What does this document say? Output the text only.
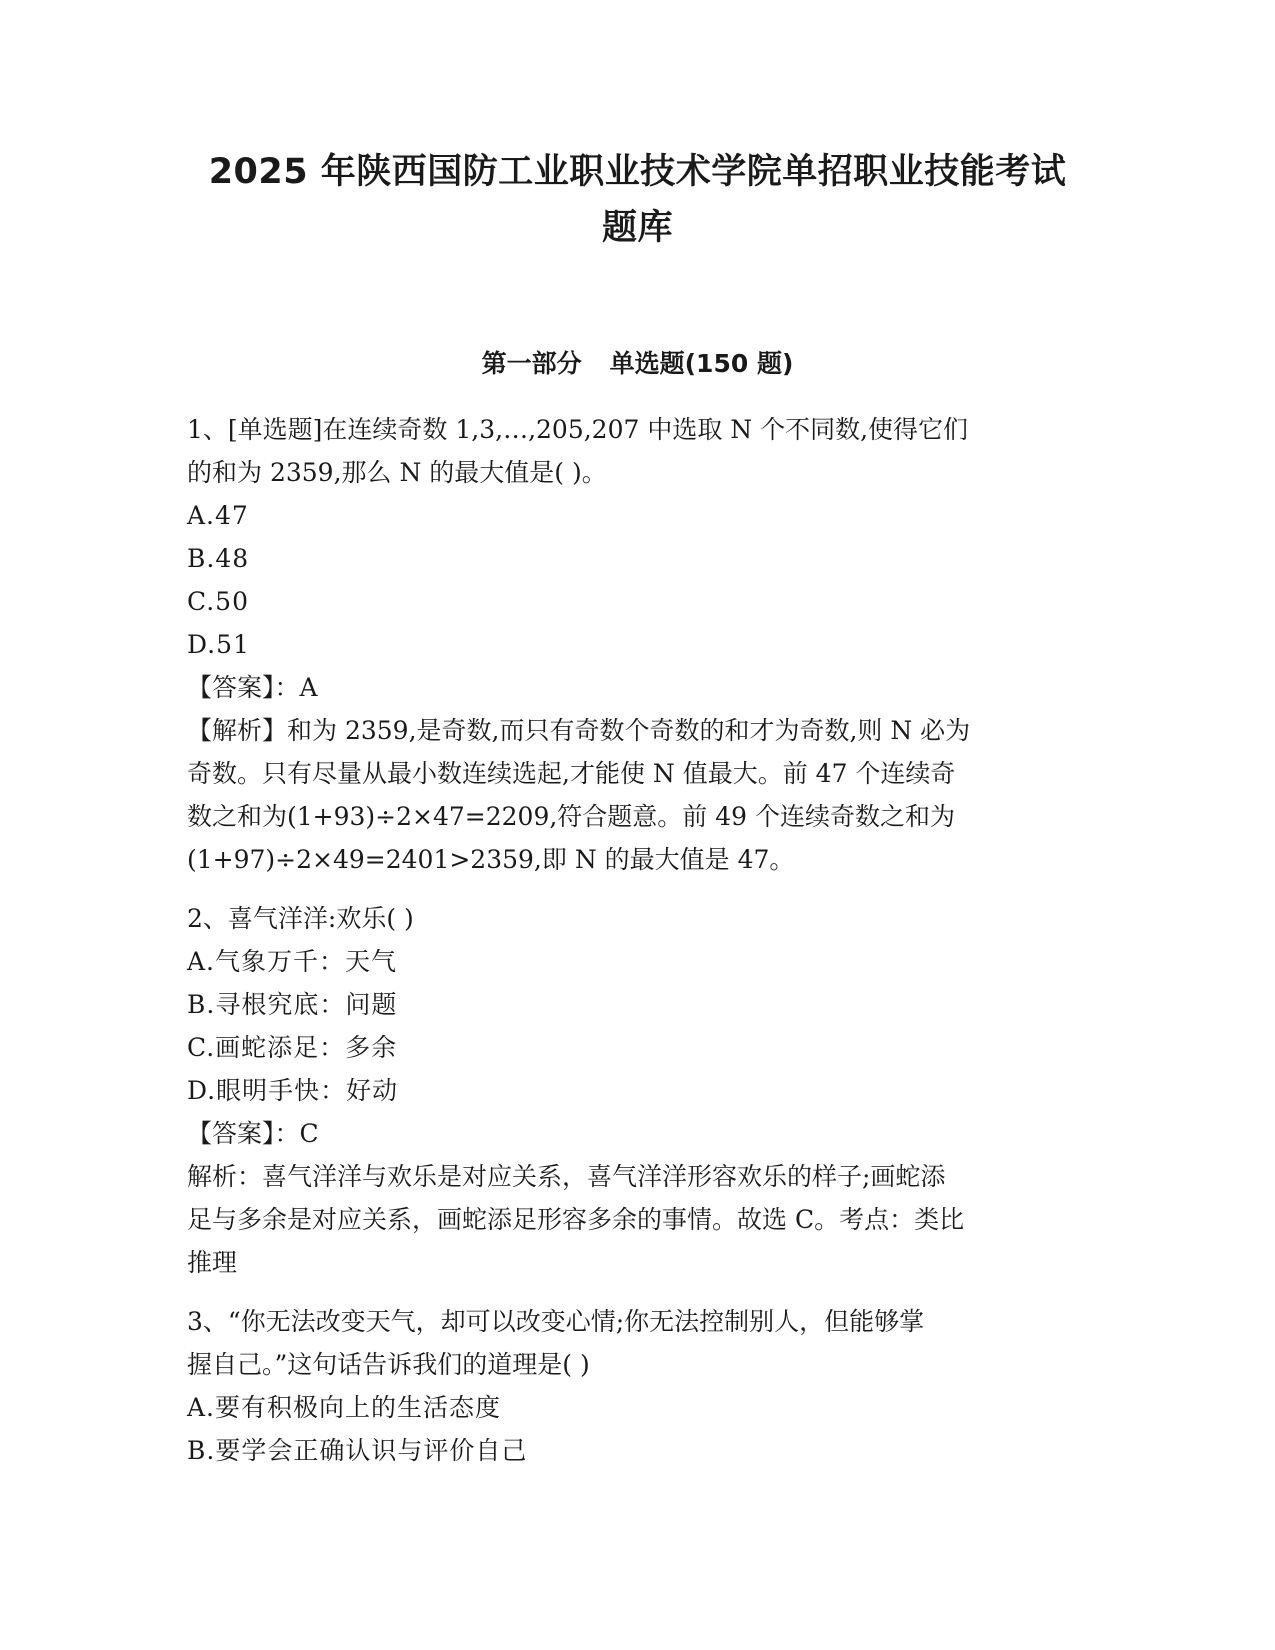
2025 年陕西国防工业职业技术学院单招职业技能考试
题库
第一部分 单选题(150 题)
1、[单选题]在连续奇数 1,3,…,205,207 中选取 N 个不同数,使得它们
的和为 2359,那么 N 的最大值是( )。
A.47
B.48
C.50
D.51
【答案】：A
【解析】和为 2359,是奇数,而只有奇数个奇数的和才为奇数,则 N 必为
奇数。只有尽量从最小数连续选起,才能使 N 值最大。前 47 个连续奇
数之和为(1+93)÷2×47=2209,符合题意。前 49 个连续奇数之和为
(1+97)÷2×49=2401>2359,即 N 的最大值是 47。
2、喜气洋洋:欢乐( )
A.气象万千：天气
B.寻根究底：问题
C.画蛇添足：多余
D.眼明手快：好动
【答案】：C
解析：喜气洋洋与欢乐是对应关系，喜气洋洋形容欢乐的样子;画蛇添
足与多余是对应关系，画蛇添足形容多余的事情。故选 C。考点：类比
推理
3、“你无法改变天气，却可以改变心情;你无法控制别人，但能够掌
握自己。”这句话告诉我们的道理是( )
A.要有积极向上的生活态度
B.要学会正确认识与评价自己
